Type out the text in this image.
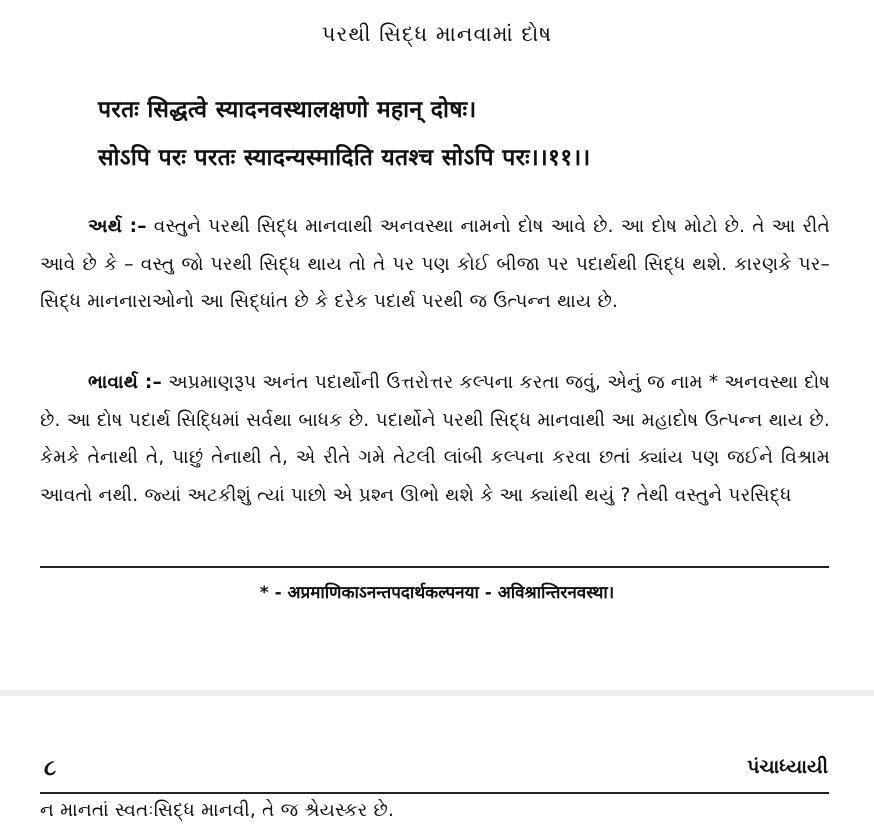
પરથી સિદ્ધ માનવામાં દોષ
परतः सिद्धत्वे स्यादनवस्थालक्षणो महान् दोषः।
सोऽपि परः परतः स्यादन्यस्मादिति यतश्च सोऽपि परः।।११।।
અર્થ :– વસ્તુને પરથી સિદ્ધ માનવાથી અનવસ્થા નામનો દોષ આવે છે. આ દોષ મોટો છે. તે આ રીતે આવે છે કે – વસ્તુ જો પરથી સિદ્ધ થાય તો તે પર પણ કોઈ બીજા પર પદાર્થથી સિદ્ધ થશે. કારણકે પર–સિદ્ધ માનનારાઓનો આ સિદ્ધાંત છે કે દરેક પદાર્થ પરથી જ ઉત્પન્ન થાય છે.
ભાવાર્થ :– અપ્રમાણરૂપ અનંત પદાર્થોની ઉત્તરોત્તર કલ્પના કરતા જવું, એનું જ નામ * અનવસ્થા દોષ છે. આ દોષ પદાર્થ સિદ્ધિમાં સર્વથા બાધક છે. પદાર્થોને પરથી સિદ્ધ માનવાથી આ મહાદોષ ઉત્પન્ન થાય છે. કેમકે તેનાથી તે, પાછું તેનાથી તે, એ રીતે ગમે તેટલી લાંબી કલ્પના કરવા છતાં ક્યાંય પણ જઈને વિશ્રામ આવતો નથી. જ્યાં અટકીશું ત્યાં પાછો એ પ્રશ્ન ઊભો થશે કે આ ક્યાંથી થયું ? તેથી વસ્તુને પરસિદ્ધ
* - अप्रमाणिकाऽनन्तपदार्थकल्पनया - अविश्रान्तिरनवस्था।
૮	પંચાધ્યાયી
ન માનતાં સ્વતઃસિદ્ધ માનવી, તે જ શ્રેયસ્કર છે.
